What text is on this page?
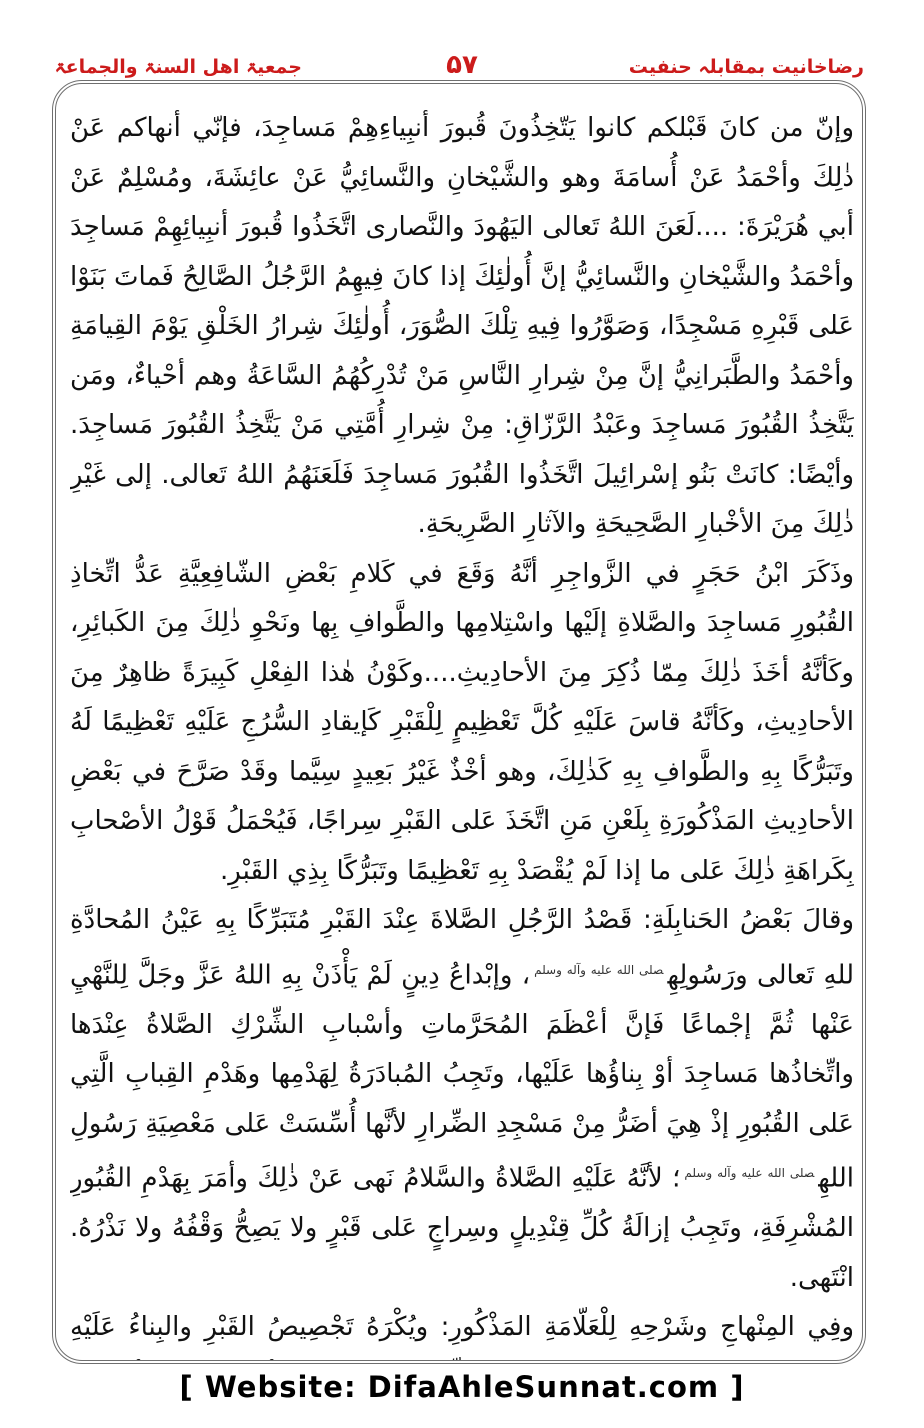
جمعیۃ اھل السنۃ والجماعۃ	۵۷	رضاخانیت بمقابلہ حنفیت

وإنّ من كانَ قَبْلكم كانوا يَتّخِذُونَ قُبورَ أنبِياءِهِمْ مَساجِدَ، فإنّي أنهاكم عَنْ ذٰلِكَ وأحْمَدُ عَنْ أُسامَةَ وهو والشَّيْخانِ والنَّسائِيُّ عَنْ عائِشَةَ، ومُسْلِمٌ عَنْ أبي هُرَيْرَةَ: ....لَعَنَ اللهُ تَعالى اليَهُودَ والنَّصارى اتَّخَذُوا قُبورَ أنبِيائِهِمْ مَساجِدَ وأحْمَدُ والشَّيْخانِ والنَّسائِيُّ إنَّ أُولٰئِكَ إذا كانَ فِيهِمُ الرَّجُلُ الصَّالِحُ فَماتَ بَنَوْا عَلى قَبْرِهِ مَسْجِدًا، وَصَوَّرُوا فِيهِ تِلْكَ الصُّوَرَ، أُولٰئِكَ شِرارُ الخَلْقِ يَوْمَ القِيامَةِ وأحْمَدُ والطَّبَرانِيُّ إنَّ مِنْ شِرارِ النَّاسِ مَنْ تُدْرِكُهُمُ السَّاعَةُ وهم أحْياءٌ، ومَن يَتَّخِذُ القُبُورَ مَساجِدَ وعَبْدُ الرَّزّاقِ: مِنْ شِرارِ أُمَّتِي مَنْ يَتَّخِذُ القُبُورَ مَساجِدَ. وأيْضًا: كانَتْ بَنُو إسْرائِيلَ اتَّخَذُوا القُبُورَ مَساجِدَ فَلَعَنَهُمُ اللهُ تَعالى. إلى غَيْرِ ذٰلِكَ مِنَ الأخْبارِ الصَّحِيحَةِ والآثارِ الصَّرِيحَةِ.

وذَكَرَ ابْنُ حَجَرٍ في الزَّواجِرِ أنَّهُ وَقَعَ في كَلامِ بَعْضِ الشّافِعِيَّةِ عَدُّ اتِّخاذِ القُبُورِ مَساجِدَ والصَّلاةِ إلَيْها واسْتِلامِها والطَّوافِ بِها ونَحْوِ ذٰلِكَ مِنَ الكَبائِرِ، وكَأنَّهُ أخَذَ ذٰلِكَ مِمّا ذُكِرَ مِنَ الأحادِيثِ....وكَوْنُ هٰذا الفِعْلِ كَبِيرَةً ظاهِرٌ مِنَ الأحادِيثِ، وكَأنَّهُ قاسَ عَلَيْهِ كُلَّ تَعْظِيمٍ لِلْقَبْرِ كَإيقادِ السُّرُجِ عَلَيْهِ تَعْظِيمًا لَهُ وتَبَرُّكًا بِهِ والطَّوافِ بِهِ كَذٰلِكَ، وهو أخْذٌ غَيْرُ بَعِيدٍ سِيَّما وقَدْ صَرَّحَ في بَعْضِ الأحادِيثِ المَذْكُورَةِ بِلَعْنِ مَنِ اتَّخَذَ عَلى القَبْرِ سِراجًا، فَيُحْمَلُ قَوْلُ الأصْحابِ بِكَراهَةِ ذٰلِكَ عَلى ما إذا لَمْ يُقْصَدْ بِهِ تَعْظِيمًا وتَبَرُّكًا بِذِي القَبْرِ.

وقالَ بَعْضُ الحَنابِلَةِ: قَصْدُ الرَّجُلِ الصَّلاةَ عِنْدَ القَبْرِ مُتَبَرِّكًا بِهِ عَيْنُ المُحادَّةِ للهِ تَعالى ورَسُولِهِ$^{صلى الله عليه وآله وسلم}$، وإبْداعُ دِينٍ لَمْ يَأْذَنْ بِهِ اللهُ عَزَّ وجَلَّ لِلنَّهْيِ عَنْها ثُمَّ إجْماعًا فَإنَّ أعْظَمَ المُحَرَّماتِ وأسْبابِ الشِّرْكِ الصَّلاةُ عِنْدَها واتِّخاذُها مَساجِدَ أوْ بِناؤُها عَلَيْها، وتَجِبُ المُبادَرَةُ لِهَدْمِها وهَدْمِ القِبابِ الَّتِي عَلى القُبُورِ إذْ هِيَ أضَرُّ مِنْ مَسْجِدِ الضِّرارِ لأنَّها أُسِّسَتْ عَلى مَعْصِيَةِ رَسُولِ اللهِ$^{صلى الله عليه وآله وسلم}$؛ لأنَّهُ عَلَيْهِ الصَّلاةُ والسَّلامُ نَهى عَنْ ذٰلِكَ وأمَرَ بِهَدْمِ القُبُورِ المُشْرِفَةِ، وتَجِبُ إزالَةُ كُلِّ قِنْدِيلٍ وسِراجٍ عَلى قَبْرٍ ولا يَصِحُّ وَقْفُهُ ولا نَذْرُهُ. انْتَهى.

وفِي المِنْهاجِ وشَرْحِهِ لِلْعَلّامَةِ المَذْكُورِ: ويُكْرَهُ تَجْصِيصُ القَبْرِ والبِناءُ عَلَيْهِ

[ Website: DifaAhleSunnat.com ]
